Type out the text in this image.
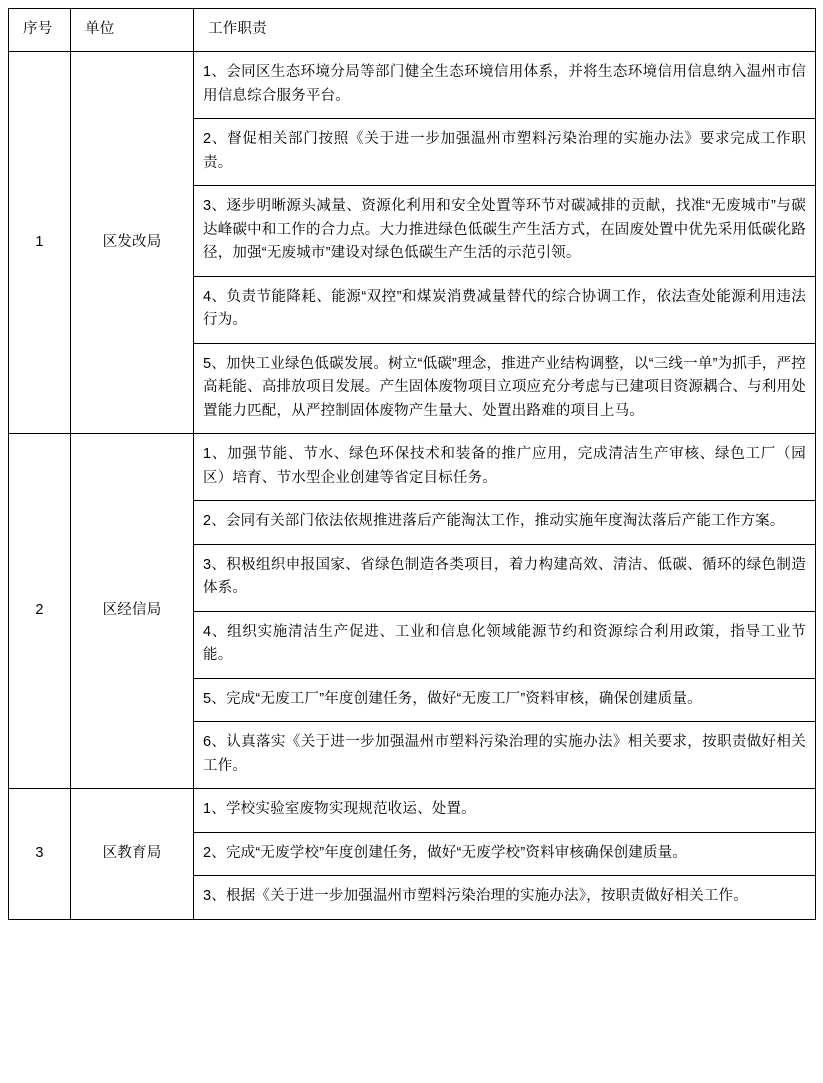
序号	单位	工作职责
1	区发改局	1、会同区生态环境分局等部门健全生态环境信用体系，并将生态环境信用信息纳入温州市信用信息综合服务平台。
		2、督促相关部门按照《关于进一步加强温州市塑料污染治理的实施办法》要求完成工作职责。
		3、逐步明晰源头减量、资源化利用和安全处置等环节对碳减排的贡献，找准“无废城市”与碳达峰碳中和工作的合力点。大力推进绿色低碳生产生活方式，在固废处置中优先采用低碳化路径，加强“无废城市”建设对绿色低碳生产生活的示范引领。
		4、负责节能降耗、能源“双控”和煤炭消费减量替代的综合协调工作，依法查处能源利用违法行为。
		5、加快工业绿色低碳发展。树立“低碳”理念，推进产业结构调整，以“三线一单”为抓手，严控高耗能、高排放项目发展。产生固体废物项目立项应充分考虑与已建项目资源耦合、与利用处置能力匹配，从严控制固体废物产生量大、处置出路难的项目上马。
2	区经信局	1、加强节能、节水、绿色环保技术和装备的推广应用，完成清洁生产审核、绿色工厂（园区）培育、节水型企业创建等省定目标任务。
		2、会同有关部门依法依规推进落后产能淘汰工作，推动实施年度淘汰落后产能工作方案。
		3、积极组织申报国家、省绿色制造各类项目，着力构建高效、清洁、低碳、循环的绿色制造体系。
		4、组织实施清洁生产促进、工业和信息化领域能源节约和资源综合利用政策，指导工业节能。
		5、完成“无废工厂”年度创建任务，做好“无废工厂”资料审核，确保创建质量。
		6、认真落实《关于进一步加强温州市塑料污染治理的实施办法》相关要求，按职责做好相关工作。
3	区教育局	1、学校实验室废物实现规范收运、处置。
		2、完成“无废学校”年度创建任务，做好“无废学校”资料审核确保创建质量。
		3、根据《关于进一步加强温州市塑料污染治理的实施办法》，按职责做好相关工作。
